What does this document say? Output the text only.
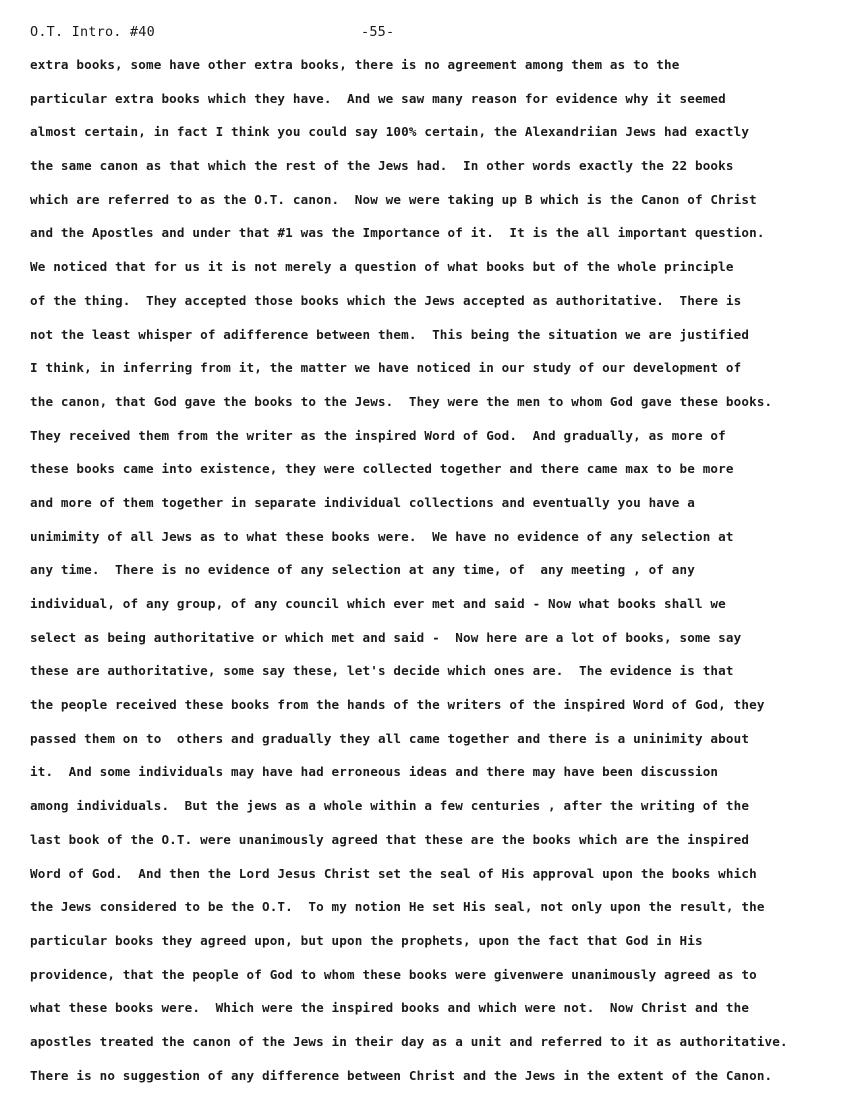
O.T. Intro. #40	-55-
extra books, some have other extra books, there is no agreement among them as to the
particular extra books which they have.  And we saw many reason for evidence why it seemed
almost certain, in fact I think you could say 100% certain, the Alexandriian Jews had exactly
the same canon as that which the rest of the Jews had.  In other words exactly the 22 books
which are referred to as the O.T. canon.  Now we were taking up B which is the Canon of Christ
and the Apostles and under that #1 was the Importance of it.  It is the all important question.
We noticed that for us it is not merely a question of what books but of the whole principle
of the thing.  They accepted those books which the Jews accepted as authoritative.  There is
not the least whisper of adifference between them.  This being the situation we are justified
I think, in inferring from it, the matter we have noticed in our study of our development of
the canon, that God gave the books to the Jews.  They were the men to whom God gave these books.
They received them from the writer as the inspired Word of God.  And gradually, as more of
these books came into existence, they were collected together and there came max to be more
and more of them together in separate individual collections and eventually you have a
unimimity of all Jews as to what these books were.  We have no evidence of any selection at
any time.  There is no evidence of any selection at any time, of  any meeting , of any
individual, of any group, of any council which ever met and said - Now what books shall we
select as being authoritative or which met and said -  Now here are a lot of books, some say
these are authoritative, some say these, let's decide which ones are.  The evidence is that
the people received these books from the hands of the writers of the inspired Word of God, they
passed them on to  others and gradually they all came together and there is a uninimity about
it.  And some individuals may have had erroneous ideas and there may have been discussion
among individuals.  But the jews as a whole within a few centuries , after the writing of the
last book of the O.T. were unanimously agreed that these are the books which are the inspired
Word of God.  And then the Lord Jesus Christ set the seal of His approval upon the books which
the Jews considered to be the O.T.  To my notion He set His seal, not only upon the result, the
particular books they agreed upon, but upon the prophets, upon the fact that God in His
providence, that the people of God to whom these books were givenwere unanimously agreed as to
what these books were.  Which were the inspired books and which were not.  Now Christ and the
apostles treated the canon of the Jews in their day as a unit and referred to it as authoritative.
There is no suggestion of any difference between Christ and the Jews in the extent of the Canon.
